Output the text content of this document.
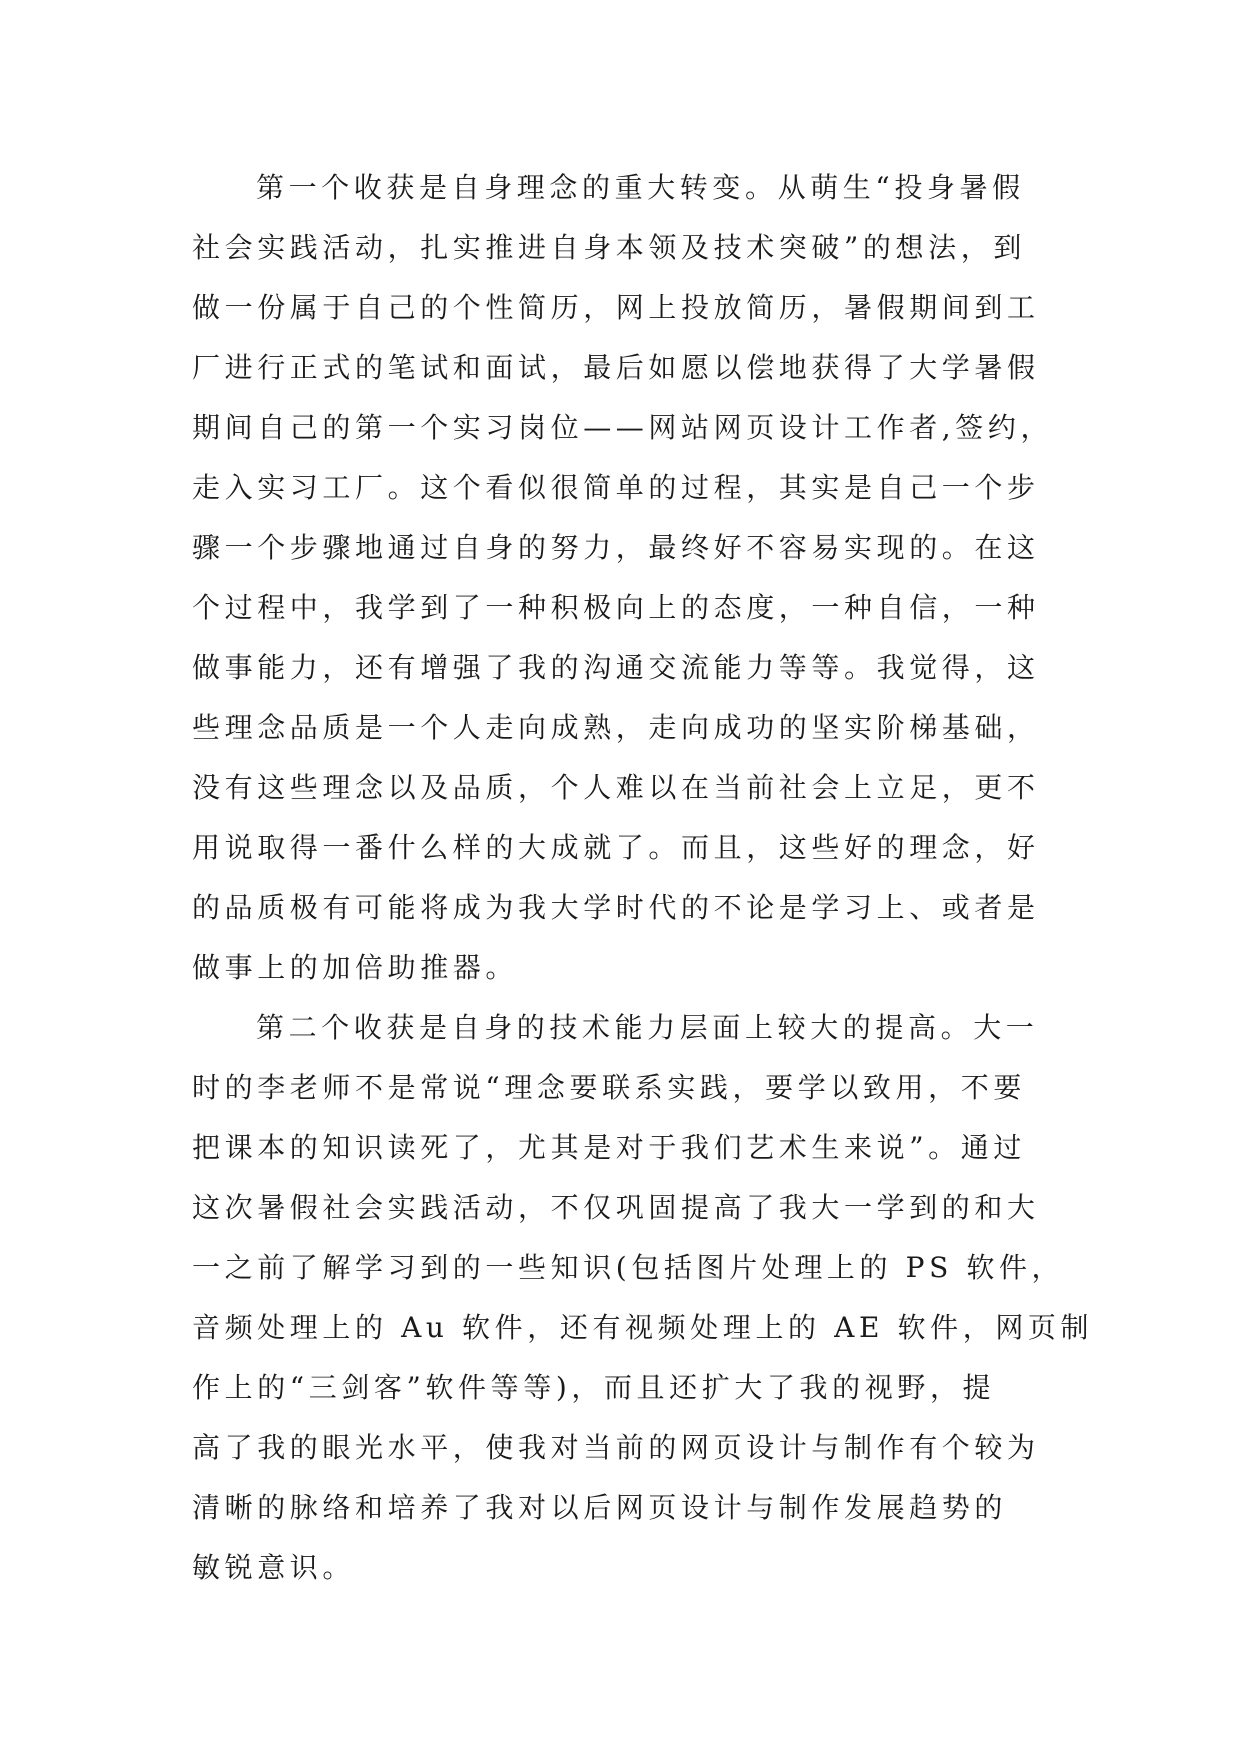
第一个收获是自身理念的重大转变。从萌生“投身暑假
社会实践活动，扎实推进自身本领及技术突破”的想法，到
做一份属于自己的个性简历，网上投放简历，暑假期间到工
厂进行正式的笔试和面试，最后如愿以偿地获得了大学暑假
期间自己的第一个实习岗位——网站网页设计工作者,签约，
走入实习工厂。这个看似很简单的过程，其实是自己一个步
骤一个步骤地通过自身的努力，最终好不容易实现的。在这
个过程中，我学到了一种积极向上的态度，一种自信，一种
做事能力，还有增强了我的沟通交流能力等等。我觉得，这
些理念品质是一个人走向成熟，走向成功的坚实阶梯基础，
没有这些理念以及品质，个人难以在当前社会上立足，更不
用说取得一番什么样的大成就了。而且，这些好的理念，好
的品质极有可能将成为我大学时代的不论是学习上、或者是
做事上的加倍助推器。
第二个收获是自身的技术能力层面上较大的提高。大一
时的李老师不是常说“理念要联系实践，要学以致用，不要
把课本的知识读死了，尤其是对于我们艺术生来说”。通过
这次暑假社会实践活动，不仅巩固提高了我大一学到的和大
一之前了解学习到的一些知识(包括图片处理上的 PS 软件，
音频处理上的 Au 软件，还有视频处理上的 AE 软件，网页制
作上的“三剑客”软件等等)，而且还扩大了我的视野，提
高了我的眼光水平，使我对当前的网页设计与制作有个较为
清晰的脉络和培养了我对以后网页设计与制作发展趋势的
敏锐意识。
